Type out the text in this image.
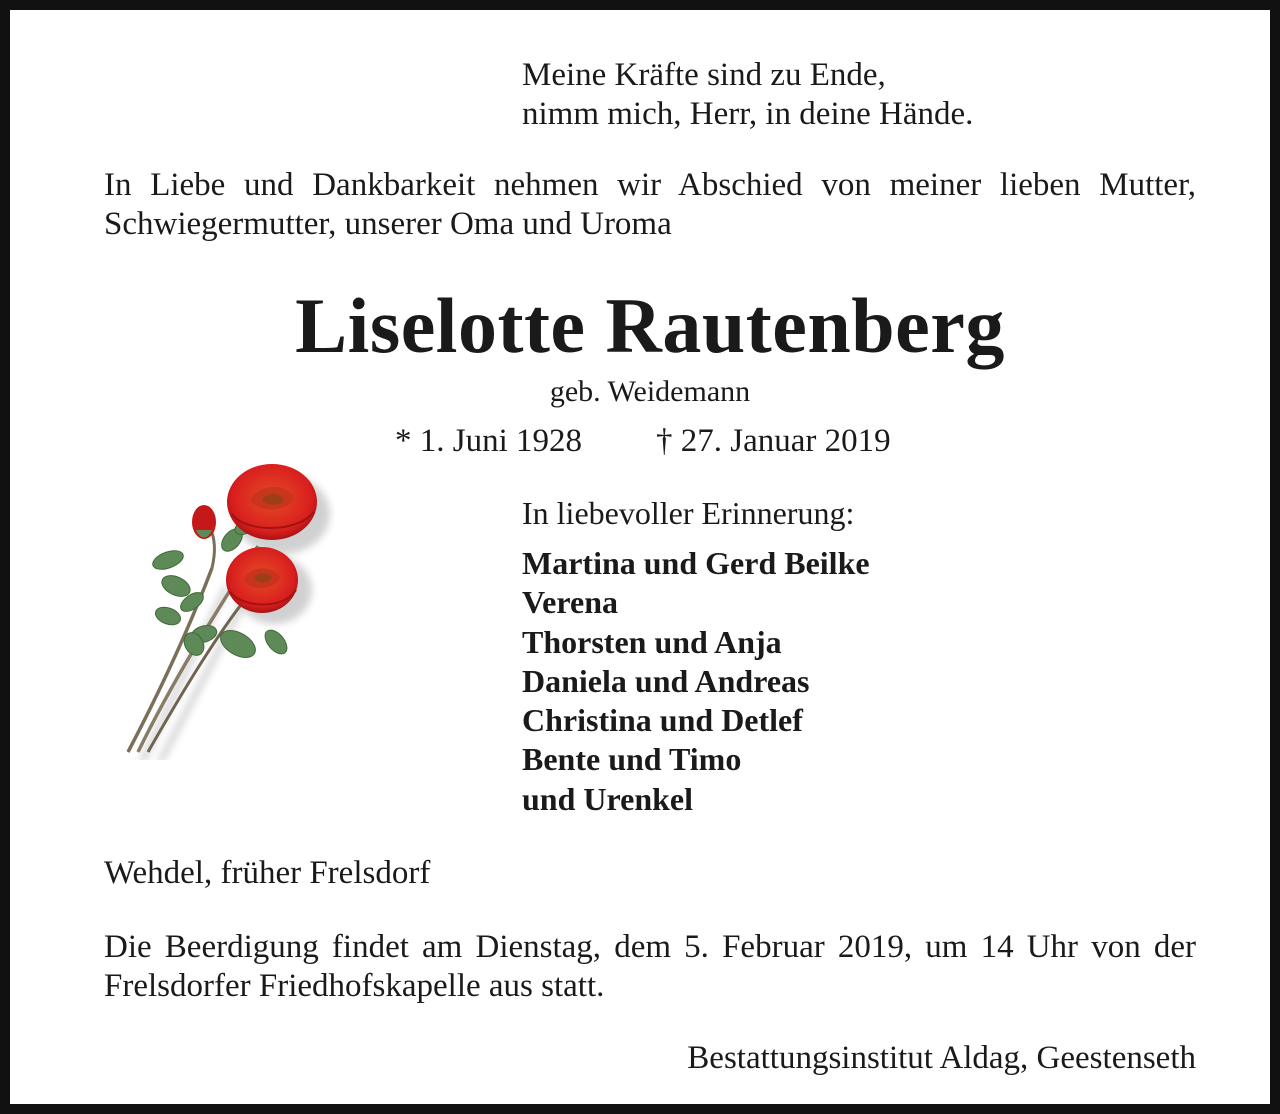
Meine Kräfte sind zu Ende,
nimm mich, Herr, in deine Hände.

In Liebe und Dankbarkeit nehmen wir Abschied von meiner lieben Mutter,
Schwiegermutter, unserer Oma und Uroma

Liselotte Rautenberg

geb. Weidemann

* 1. Juni 1928 † 27. Januar 2019

In liebevoller Erinnerung:

Martina und Gerd Beilke
Verena
Thorsten und Anja
Daniela und Andreas
Christina und Detlef
Bente und Timo
und Urenkel

Wehdel, früher Frelsdorf

Die Beerdigung findet am Dienstag, dem 5. Februar 2019, um 14 Uhr von der
Frelsdorfer Friedhofskapelle aus statt.

Bestattungsinstitut Aldag, Geestenseth
